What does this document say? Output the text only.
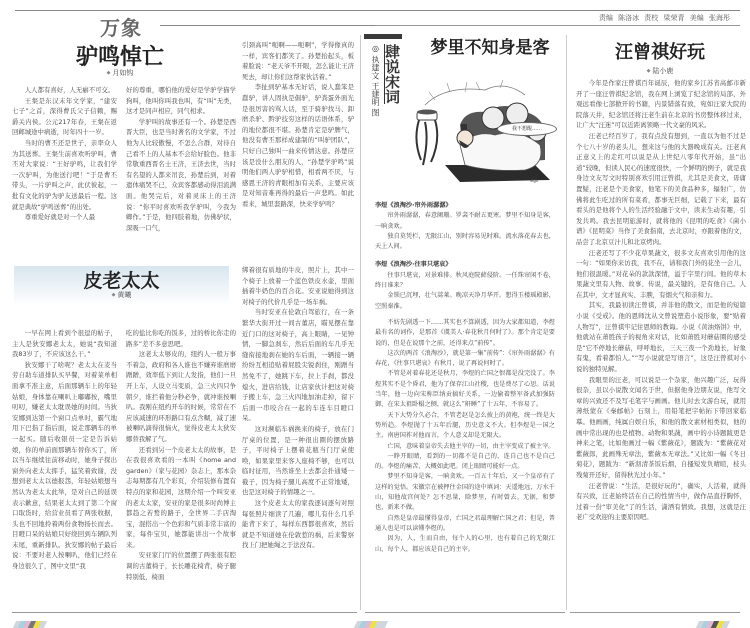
万象	责编 陈洛冰 责校 梁荣青 美编 张海彤
驴鸣悼亡
◆ 月如钩

人人都有喜好，人无癖不可交。

王粲是东汉末年文学家，“建安七子”之首，深得曹氏父子信赖，赐爵关内侯。公元217年春，王粲在返回邺城途中病逝，时年四十一岁。

当时的曹丕还是世子，亲率众人为其送葬。王粲生前喜欢听驴叫，曹丕对大家说：“王好驴鸣，让我们学一次驴叫，为他送行吧！”于是曹丕带头，一片驴叫之声，此伏彼起，一批有文化的驴为驴友送最后一程。这就是典故“驴鸣送葬”的出处。

尊重爱好就是对一个人最

好的尊重，哪怕他的爱好是学驴学猫学狗叫，他叫你叫我也叫，有“叫”无类，这才是同声相应，同气相求。

学驴叫的故事还有一个。孙楚是西晋大臣，也是当时著名的文学家，不过他为人比较傲慢，不怎么合群，对待自己看不上的人基本不会给好脸色。他非常敬重西晋名士王济，王济去世，当时有名望的人都来吊丧，孙楚后到，对着遗体痛哭不已，众宾客都感动得泪流满面。他哭完后，对着灵床上的王济说：“你平时喜欢听我学驴叫，今我为卿作。”于是，他四肢着地，仿佛驴状，深吸一口气，

引颈高叫“呃啊——呃啊”，学得像真的一样，宾客们都笑了。孙楚抬起头，板着脸说：“老天爷不开眼，怎么能让王济死去，却让你们这帮家伙活着。”

李扯到驴基本无好话，说人蠢笨是蠢驴，讲人固执是倔驴，驴粪蛋外面光是很厉害的骂人话，至于骑驴找马、卸磨杀驴、黔驴技穷这样的话语体系，驴的地位都很不堪。孙楚肯定是驴脾气，他没有曹丕那样成建制的“叫驴团队”，只好自己独叫一曲来传情达意。孙楚应该是没什么朋友的人，“孙楚学驴鸣”说明他们两人驴驴相惜，相看两不厌，与感恩王济的青眼相加有关系，主要应该是对知音难再得的最后一声悲鸣。如此看来，城里套路深，快来学驴鸣？

皮老太太
◆ 黄曦

一早在网上看到个很逗的帖子，主人是狄安娜老太太，她说“我知道我83岁了，不应该这么干。”

狄安娜干了啥呢？老太太在麦当劳自助车道排队买早餐，对着菜单相面拿不准主意，后面那辆车上的年轻姑娘，身体靠在喇叭上嘟嘟按，嘴里叨叨，嫌老太太耽误她的时间。当狄安娜到达第一个窗口点单时，霸气地用下巴指了指后面，说走那辆车的单一起买。随后收银员一定是告诉姑娘，你的单前面那辆车替你买了，所以当车继续往前移动时，她身子探出窗外向老太太挥手，猛笑着致谢，没想到老太太以德报怨，年轻姑娘想当然认为老太太此举，是对自己的延误表示歉意，结果老太太到了第二个窗口取货时，给营业员看了两张收据，头也不回地拎着两份食物扬长而去。目瞪口呆的姑娘只好绕回到车辆队列末尾，重新排队。狄安娜的帖子最后说：不要对老人按喇叭，他们已经在身边很久了，图中文里“我

吃的盐比你吃的饭多，过的桥比你走的路多”差不多意思吧。

这老太太够皮的，纽约人一般万事不着急，政府和各人谁也不嫌弃谁磨磨蹭蹭，效率低下到让人发指，他们一旦开上车，人设立马变质，急三火四只争朝夕，谁拦着他分秒必争，就冲谁按喇叭。我刚在纽约开车的时候，常常在不应该减速的环形路口有点含糊，减了速被喇叭滴得很恼火，觉得皮老太太狄安娜替我解了气。

还看到另一个皮老太太的故事，是在我很喜欢看的一本叫《home and garden》（家与花园）杂志上，那本杂志每期都有几个彩页，介绍装修布置有特点的家和花园，这期介绍一个叫安亚的老太太家，安亚的家是很多时尚博主都趋之若鹜的路子，全世界二手店淘宝，混搭出一个色彩和气质非常丰富的家，每件宝贝，她都能讲出一个故事来。

安亚家门厅的位置摆了两张很有腔调的古董椅子，长长雕花椅背，椅子腿特别低，椅面

绑着很有质地的牛皮，照片上，其中一个椅子上放着一个蓝色铁皮水壶，里面插着牛奶色的百合花。安亚说她得到这对椅子的代价几乎是一场车祸。

当时安亚在伦敦自驾旅行，在一条繁华大街开过一间古董店，瞄见摆在靠近门口的这对椅子，高上眼睛，一见钟情，一脚急刹车，然后后面的车几乎无缝衔接地刹在她的车后面，一辆接一辆纷纷互相追贴着屁股尖锐刹住，刚蹭当然免不了，她跳下车，拉上手刹，都没熄火，进店给钱，让店家伙计把这对椅子搬上车，急三火四地加油走掉，留下后面一串咬合在一起的车连车目瞪口呆。

这对濒临车祸换来的椅子，放在门厅桌的位置，是一种很出圈的摆放路子，平时椅子上摆着花瓶当门厅桌使唤，如果家里来客人座椅不够，也可以临时征用，当然谁坐上去都会扑通矮一截子，因为椅子腿儿高度不正常地矮，也是这对椅子的情趣之一。

这个皮老太太的家我逐词逐句对照每张照片细读了几遍，哪儿有什么几乎能背下来了，每样东西都很喜欢，然后就是不知道她在伦敦惹的祸，后来警察找上门把她绳之于法没有。

肆说宋词
◎ 执建文 王建明 图	梦里不知身是客
sign
我不想醒……

李煜《浪淘沙·帘外雨潺潺》

帘外雨潺潺，春意阑珊。罗衾不耐五更寒。梦里不知身是客，一晌贪欢。

独自莫凭栏，无限江山，别时容易见时难。流水落花春去也，天上人间。

李煜《浪淘沙·往事只堪哀》

往事只堪哀，对景难排。秋风庭院藓侵阶。一任珠帘闲不卷，终日谁来？

金锁已沉埋，壮气蒿莱。晚凉天净月华开。想得玉楼瑶殿影，空照秦淮。

不妨先剧透一下……其实也不算剧透，因为大家都知道，李煜最有名的词作，是那首《虞美人·春花秋月何时了》。那个肯定是要说的，但是在说那个之前，还得来点“前传”。

这次的两首《浪淘沙》，就是第一集“前传”：《帘外雨潺潺》有春花，《往事只堪哀》有秋月，说了再说何时了。

不管是对着春花还是秋月，李煜的亡国之恨都是没完没了。李煜其实不是个昏君，他为了保存江山社稷，也是费尽了心思。话说当年，他一边向宋称臣纳贡搞好关系，一边偷着整军备武加强防御，在宋太祖卧榻之侧，就这么“鼾睡”了十五年，不容易了。

天下大势分久必合，不管老赵是怎么披上的黄袍，统一终是大势所趋。李煜抛了十五年后腿，历史意义不大。但李煜是一国之主，南唐国祚对他而言，个人意义却是无限大。

亡国，意味着皇帝失去他主宰的一切，由主宰变成了被主宰。

一睁开眼睛，看到的一切都不是自己的，连自己也不是自己的。李煜的痛苦，大概如此吧。闭上眼睛可能好一点。

梦里不知身是客，一晌贪欢。一百五十年后，又一个皇帝有了这样的觉悟。宋徽宗在被押往金国的途中填词：天遥地远，万水千山，知他故宫何处？怎不思量，除梦里，有时曾去。无据，和梦也，新来不做。

自然是皇帝最懂得皇帝，亡国之君最理解亡国之君；但是，普通人也是可以读懂李煜的。

因为，人，生而自由，每个人的心里，也有着自己的无限江山，每个人，都应该是自己的主宰。

汪曾祺好玩
◆ 陆小鹿

今年是作家汪曾祺百年诞辰，他的家乡江苏省高邮市新开了一座汪曾祺纪念馆，我在网上浏览了纪念馆的局部，外观远看像七部掀开的书籍，内景错落有致，宛如汪家大院的院落天井，纪念馆还将汪老生前在北京的书房整体移过来，让广大“汪迷”可以近距离领略一代文豪的风采。

汪老已经百岁了，我有点没有想到，一直以为他不过是个七八十岁的老头儿，想来这与他的大器晚成有关。汪老真正意义上的走红可以说是从上世纪八零年代开始，虽“出道”较晚，但读人民心的速度很快，一个鲜明的例子，就是我身边文友写文时特别喜欢引用汪曾祺，尤其是美食文，毋庸置疑，汪老是个美食家，他笔下的美食品种多，辐射广，仿佛将此生吃过的所有菜肴，都事无巨细，记载了下来，最有看头的是他将个人的生活经验融于文中，读来生动有趣，引发共鸣。我去昆明旅游时，就将他的《昆明的吃食》《菌小谱》《昆明菜》当作了美食指南，去北京时，亦跟着他的文，品尝了北京豆汁儿和北京烤肉。

汪老还写了不少花草果蔬文，很多文友喜欢引用他的这一句：“如果你来访我，我不在，请和我门外的花坐一会儿，他们很温暖。”对花朵的款款深情，溢于字里行间。他的草木果蔬文里有人物、故事、传说，最关键的，是有他自己。人在其中，文才显真实、丰腴，有烟火气和亲和力。

其实，我最初读汪曾祺，并非他的散文，而是他的短篇小说《受戒》。他的恩师沈从文曾说塑造小说形象，要“贴着人物写”，汪曾祺牢记住恩师的教诲。小说《黄油烙饼》中，他就站在萧胜孩子的视角来对话，比如萧胜对蘑菇圈的感受是“它不停地长蘑菇，呼呼地长，三天三夜一个劲地长，好象有鬼，看着都怕人。”“写小说就是写语言”，这是汪曾祺对小说的独特见解。

我眼里的汪老，可以说是一个杂家，他兴趣广泛，玩得很杂，虽以小说散文闻名于世，但据他身边朋友说，他写文章的兴致还不及写毛笔字与画画。他儿时去文游台玩，就用薄纸蒙在《秦邮帖》石刻上，用铅笔把字帖拓下带回家临摹。他画画，纯属自娱自乐，和他的散文素材相类似，他的画中常出现的也是植物、动物和果蔬，画中的小诗题跋更是神来之笔，比如他画过一幅《紫薇花》，题跋为：“紫薇花对紫薇郎，此画殊无章法，紫薇本无章法。”又比如一幅《冬日菊花》，题跋为：“新沏清茶饭后烟，自搔短发负晴暄，枝头残菊开还好，留得秋光过小年。”

汪老曾说：“生活，是很好玩的”，确实，人活着，就得有兴致，汪老始终活在自己的性情当中，做作品直抒胸怀，过着一份“审美化”了的生活，潇洒有情致。我想，这就是汪老广受欢迎的主要原因吧。
